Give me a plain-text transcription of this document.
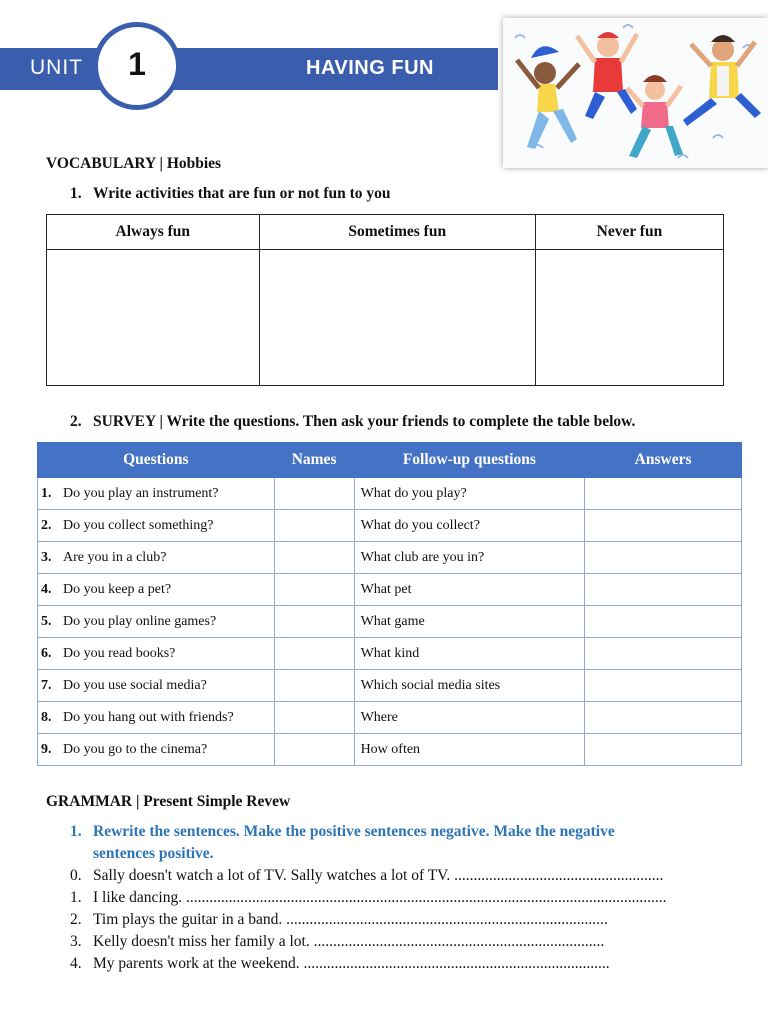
UNIT	1	HAVING FUN
VOCABULARY | Hobbies
1. Write activities that are fun or not fun to you
Always fun	Sometimes fun	Never fun

2. SURVEY | Write the questions. Then ask your friends to complete the table below.
Questions	Names	Follow-up questions	Answers
1. Do you play an instrument?		What do you play?	
2. Do you collect something?		What do you collect?	
3. Are you in a club?		What club are you in?	
4. Do you keep a pet?		What pet	
5. Do you play online games?		What game	
6. Do you read books?		What kind	
7. Do you use social media?		Which social media sites	
8. Do you hang out with friends?		Where	
9. Do you go to the cinema?		How often	
GRAMMAR | Present Simple Revew
1. Rewrite the sentences. Make the positive sentences negative. Make the negative
sentences positive.
0. Sally doesn't watch a lot of TV. Sally watches a lot of TV. ......................................................
1. I like dancing. ............................................................................................................................
2. Tim plays the guitar in a band. ...................................................................................
3. Kelly doesn't miss her family a lot. ...........................................................................
4. My parents work at the weekend. ...............................................................................
